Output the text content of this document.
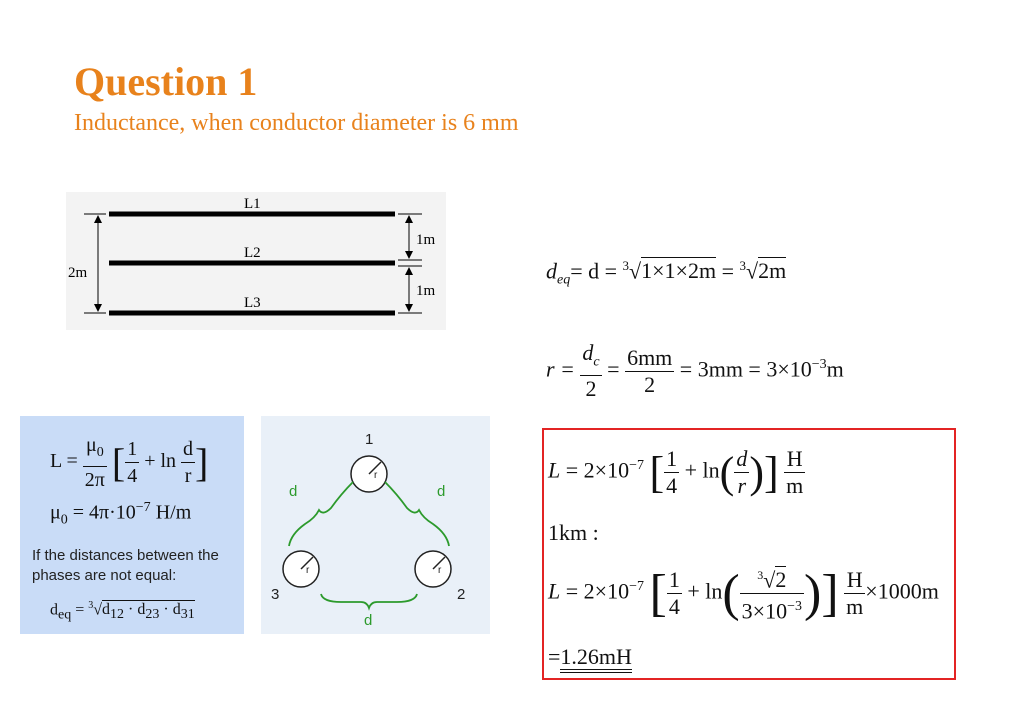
Question 1
Inductance, when conductor diameter is 6 mm
L1
L2
L3
2m
1m
1m
$d_{eq}= d = ^3√1\times 1\times 2m = ^3√2m$
$r = \frac{d_c}{2} = \frac{6mm}{2} = 3mm = 3\times 10^{-3}m$
$L = \frac{\mu_0}{2\pi}$ [ $\frac{1}{4} + \ln \frac{d}{r}$ ]
$\mu_0 = 4\pi\cdot 10^{-7}$ H/m
If the distances between the phases are not equal:
deq = $^3$√d12 · d23 · d31
1
2
3
r
r	r
d	d
d
$L = 2\times 10^{-7}$ [ $\frac{1}{4} + \ln( \frac{d}{r}$ )] $\frac{H}{m}$
1km :
$L = 2\times 10^{-7}$ [ $\frac{1}{4} + \ln( \frac{^3√2}{3\times 10^{-3}}$ )] $\frac{H}{m} \times 1000m$
=1.26mH
